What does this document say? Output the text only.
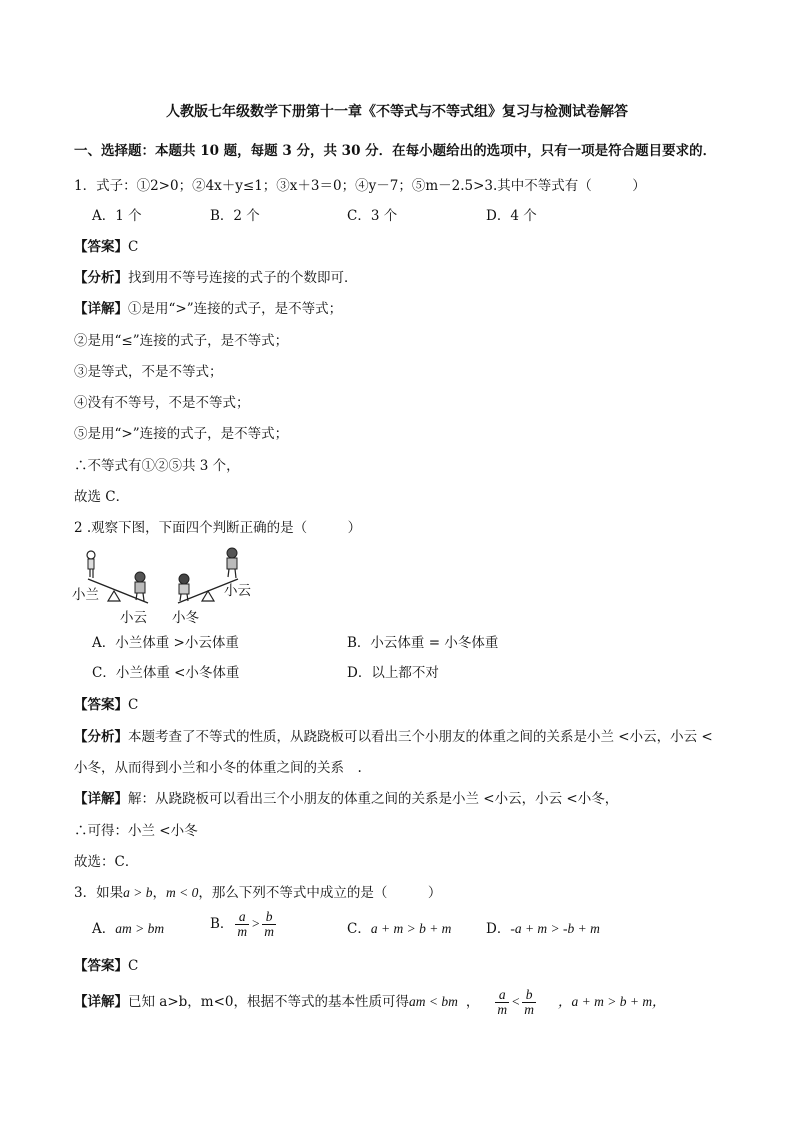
人教版七年级数学下册第十一章《不等式与不等式组》复习与检测试卷解答
一、选择题：本题共 10 题，每题 3 分，共 30 分．在每小题给出的选项中，只有一项是符合题目要求的．
1．式子：①2>0；②4x＋y≤1；③x＋3＝0；④y－7；⑤m－2.5>3.其中不等式有（　　　）
A．1 个	B．2 个	C．3 个	D．4 个
【答案】C
【分析】找到用不等号连接的式子的个数即可．
【详解】①是用“>”连接的式子，是不等式；
②是用“≤”连接的式子，是不等式；
③是等式，不是不等式；
④没有不等号，不是不等式；
⑤是用“>”连接的式子，是不等式；
∴不等式有①②⑤共 3 个，
故选 C．
2 .观察下图，下面四个判断正确的是（　　　）
小兰
小云 小冬
小云
A．小兰体重 >小云体重	B．小云体重 = 小冬体重
C．小兰体重 <小冬体重	D．以上都不对
【答案】C
【分析】本题考查了不等式的性质，从跷跷板可以看出三个小朋友的体重之间的关系是小兰 <小云，小云 <
小冬，从而得到小兰和小冬的体重之间的关系　.
【详解】解：从跷跷板可以看出三个小朋友的体重之间的关系是小兰 <小云，小云 <小冬，
∴可得：小兰 <小冬
故选：C．
3．如果a > b，m < 0，那么下列不等式中成立的是（　　　）
A．am > bm	B． $\frac{a}{m} > \frac{b}{m}$	C．a + m > b + m	D．-a + m > -b + m
【答案】C
【详解】已知 a>b，m<0，根据不等式的基本性质可得am < bm ， $\frac{a}{m} < \frac{b}{m}$ ，a + m > b + m，
